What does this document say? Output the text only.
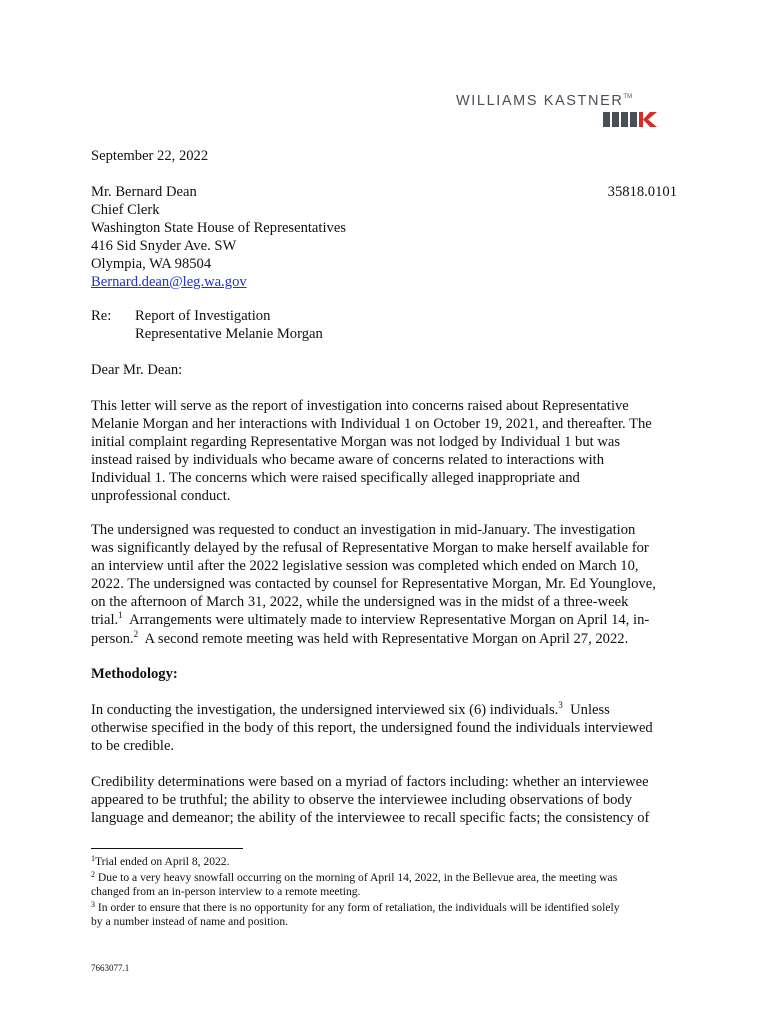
WILLIAMS KASTNER™
September 22, 2022
Mr. Bernard Dean	35818.0101
Chief Clerk
Washington State House of Representatives
416 Sid Snyder Ave. SW
Olympia, WA 98504
Bernard.dean@leg.wa.gov
Re: Report of Investigation
Representative Melanie Morgan
Dear Mr. Dean:
This letter will serve as the report of investigation into concerns raised about Representative
Melanie Morgan and her interactions with Individual 1 on October 19, 2021, and thereafter. The
initial complaint regarding Representative Morgan was not lodged by Individual 1 but was
instead raised by individuals who became aware of concerns related to interactions with
Individual 1. The concerns which were raised specifically alleged inappropriate and
unprofessional conduct.
The undersigned was requested to conduct an investigation in mid-January. The investigation
was significantly delayed by the refusal of Representative Morgan to make herself available for
an interview until after the 2022 legislative session was completed which ended on March 10,
2022. The undersigned was contacted by counsel for Representative Morgan, Mr. Ed Younglove,
on the afternoon of March 31, 2022, while the undersigned was in the midst of a three-week
trial.$^1$  Arrangements were ultimately made to interview Representative Morgan on April 14, in-
person.$^2$  A second remote meeting was held with Representative Morgan on April 27, 2022.
Methodology:
In conducting the investigation, the undersigned interviewed six (6) individuals.$^3$  Unless
otherwise specified in the body of this report, the undersigned found the individuals interviewed
to be credible.
Credibility determinations were based on a myriad of factors including: whether an interviewee
appeared to be truthful; the ability to observe the interviewee including observations of body
language and demeanor; the ability of the interviewee to recall specific facts; the consistency of
$^1$Trial ended on April 8, 2022.
$^2$ Due to a very heavy snowfall occurring on the morning of April 14, 2022, in the Bellevue area, the meeting was
changed from an in-person interview to a remote meeting.
$^3$ In order to ensure that there is no opportunity for any form of retaliation, the individuals will be identified solely
by a number instead of name and position.
7663077.1
